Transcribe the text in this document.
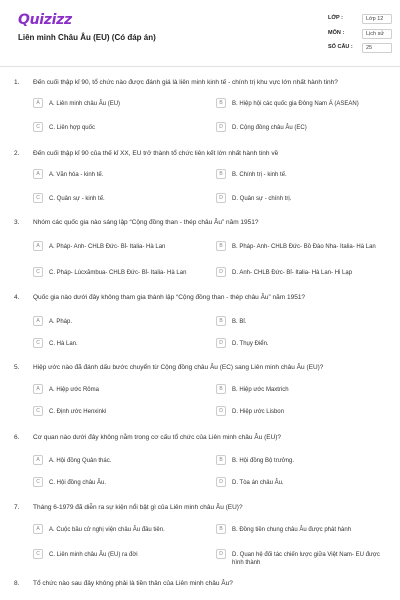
Quizizz
Liên minh Châu Âu (EU) (Có đáp án)
LỚP :	Lớp 12
MÔN :	Lịch sử
SỐ CÂU :	25
1. Đến cuối thập kỉ 90, tổ chức nào được đánh giá là liên minh kinh tế - chính trị khu vực lớn nhất hành tinh?
A	A. Liên minh châu Âu (EU)	B	B. Hiệp hội các quốc gia Đông Nam Á (ASEAN)
C	C. Liên hợp quốc	D	D. Cộng đồng châu Âu (EC)
2. Đến cuối thập kỉ 90 của thế kỉ XX, EU trở thành tổ chức liên kết lớn nhất hành tinh về
A	A. Văn hóa - kinh tế.	B	B. Chính trị - kinh tế.
C	C. Quân sự - kinh tế.	D	D. Quân sự - chính trị.
3. Nhóm các quốc gia nào sáng lập “Cộng đồng than - thép châu Âu” năm 1951?
A	A. Pháp- Anh- CHLB Đức- Bỉ- Italia- Hà Lan	B	B. Pháp- Anh- CHLB Đức- Bồ Đào Nha- Italia- Hà Lan
C	C. Pháp- Lúcxămbua- CHLB Đức- Bỉ- Italia- Hà Lan	D	D. Anh- CHLB Đức- Bỉ- Italia- Hà Lan- Hi Lạp
4. Quốc gia nào dưới đây không tham gia thành lập “Cộng đồng than - thép châu Âu” năm 1951?
A	A. Pháp.	B	B. Bỉ.
C	C. Hà Lan.	D	D. Thụy Điển.
5. Hiệp ước nào đã đánh dấu bước chuyển từ Cộng đồng châu Âu (EC) sang Liên minh châu Âu (EU)?
A	A. Hiệp ước Rôma	B	B. Hiệp ước Maxtrich
C	C. Định ước Henxinki	D	D. Hiệp ước Lisbon
6. Cơ quan nào dưới đây không nằm trong cơ cấu tổ chức của Liên minh châu Âu (EU)?
A	A. Hội đồng Quản thác.	B	B. Hội đồng Bộ trưởng.
C	C. Hội đồng châu Âu.	D	D. Tòa án châu Âu.
7. Tháng 6-1979 đã diễn ra sự kiện nổi bật gì của Liên minh châu Âu (EU)?
A	A. Cuộc bầu cử nghị viện châu Âu đầu tiên.	B	B. Đồng tiền chung châu Âu được phát hành
C	C. Liên minh châu Âu (EU) ra đời	D	D. Quan hệ đối tác chiến lược giữa Việt Nam- EU được hình thành
8. Tổ chức nào sau đây không phải là tiền thân của Liên minh châu Âu?
